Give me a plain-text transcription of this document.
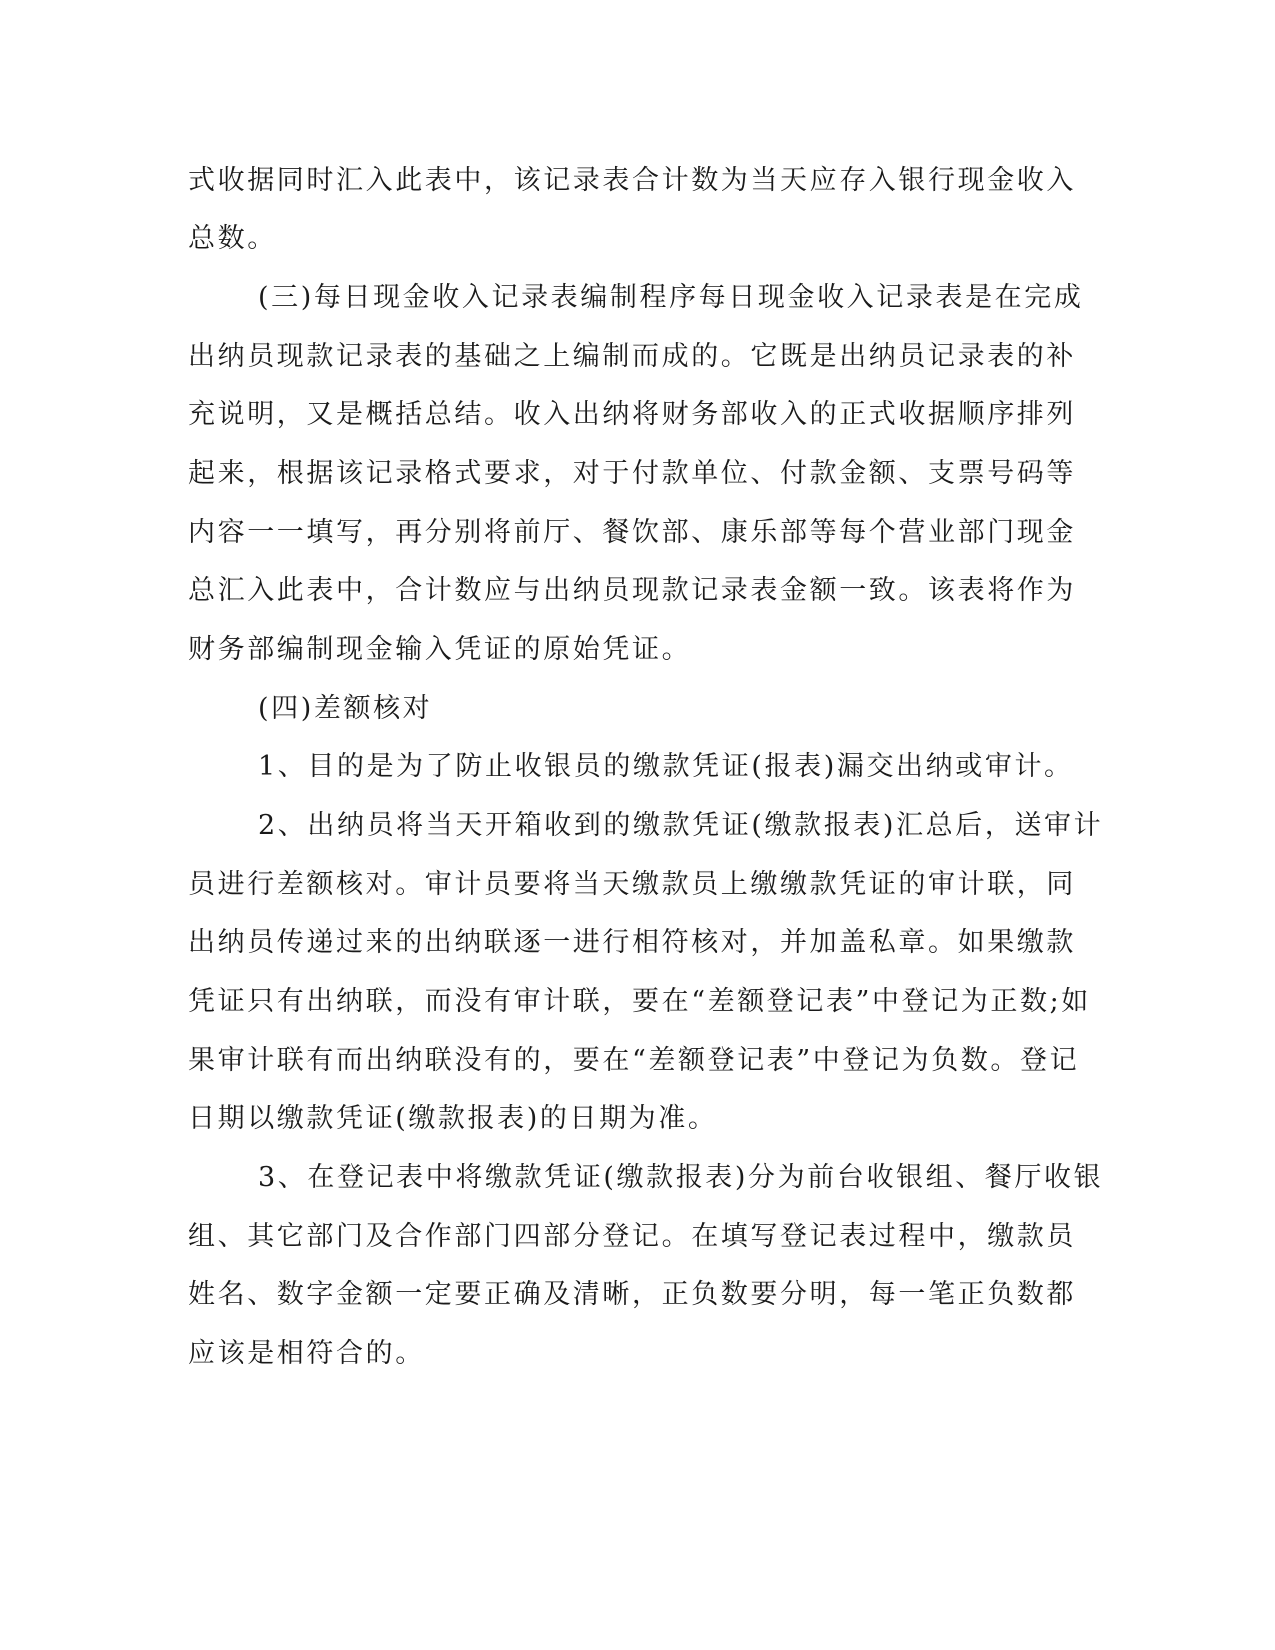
式收据同时汇入此表中，该记录表合计数为当天应存入银行现金收入
总数。
(三)每日现金收入记录表编制程序每日现金收入记录表是在完成
出纳员现款记录表的基础之上编制而成的。它既是出纳员记录表的补
充说明，又是概括总结。收入出纳将财务部收入的正式收据顺序排列
起来，根据该记录格式要求，对于付款单位、付款金额、支票号码等
内容一一填写，再分别将前厅、餐饮部、康乐部等每个营业部门现金
总汇入此表中，合计数应与出纳员现款记录表金额一致。该表将作为
财务部编制现金输入凭证的原始凭证。
(四)差额核对
1、目的是为了防止收银员的缴款凭证(报表)漏交出纳或审计。
2、出纳员将当天开箱收到的缴款凭证(缴款报表)汇总后，送审计
员进行差额核对。审计员要将当天缴款员上缴缴款凭证的审计联，同
出纳员传递过来的出纳联逐一进行相符核对，并加盖私章。如果缴款
凭证只有出纳联，而没有审计联，要在“差额登记表”中登记为正数;如
果审计联有而出纳联没有的，要在“差额登记表”中登记为负数。登记
日期以缴款凭证(缴款报表)的日期为准。
3、在登记表中将缴款凭证(缴款报表)分为前台收银组、餐厅收银
组、其它部门及合作部门四部分登记。在填写登记表过程中，缴款员
姓名、数字金额一定要正确及清晰，正负数要分明，每一笔正负数都
应该是相符合的。
